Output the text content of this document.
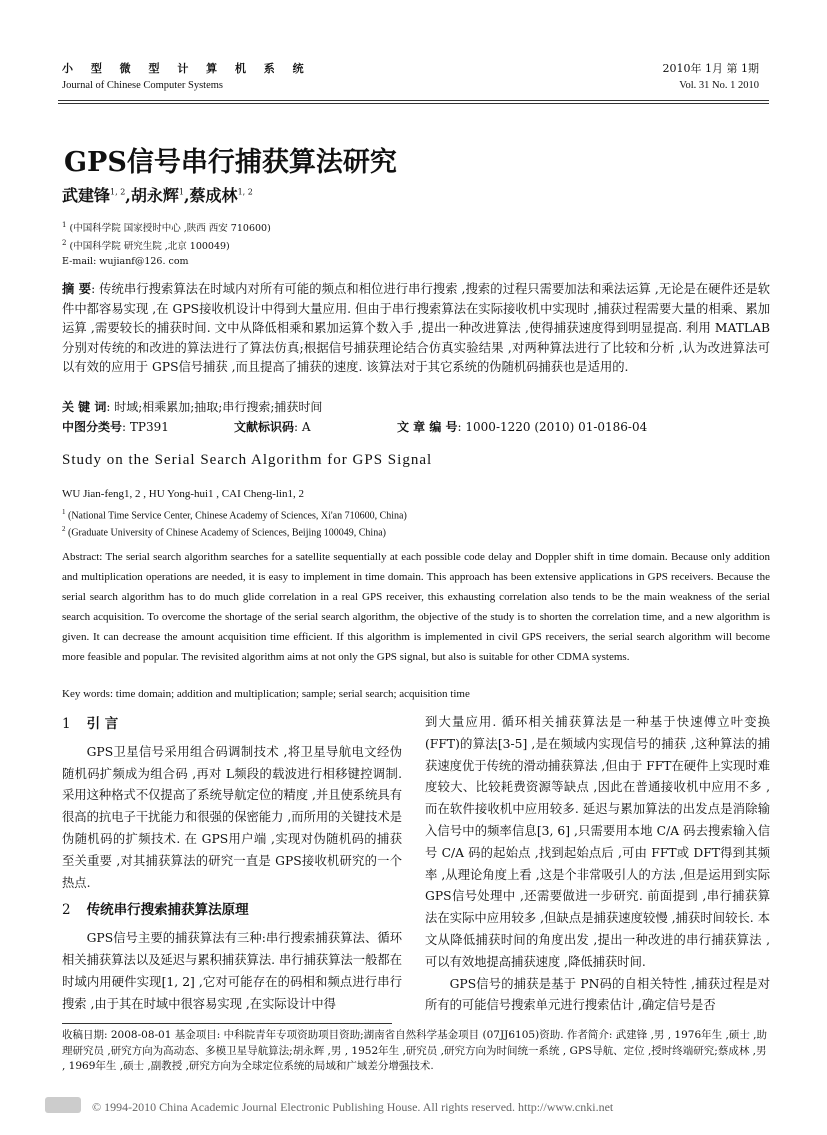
小 型 微 型 计 算 机 系 统
Journal of Chinese Computer Systems
2010年 1月 第 1期
Vol. 31 No. 1 2010
GPS信号串行捕获算法研究
武建锋$^{1, 2}$,胡永辉$^1$,蔡成林$^{1, 2}$
$^1$ (中国科学院 国家授时中心 ,陕西 西安 710600)
$^2$ (中国科学院 研究生院 ,北京 100049)
E-mail: wujianf@126. com
摘 要: 传统串行搜索算法在时域内对所有可能的频点和相位进行串行搜索 ,搜索的过程只需要加法和乘法运算 ,无论是在硬件还是软件中都容易实现 ,在 GPS接收机设计中得到大量应用. 但由于串行搜索算法在实际接收机中实现时 ,捕获过程需要大量的相乘、累加运算 ,需要较长的捕获时间. 文中从降低相乘和累加运算个数入手 ,提出一种改进算法 ,使得捕获速度得到明显提高. 利用 MATLAB分别对传统的和改进的算法进行了算法仿真;根据信号捕获理论结合仿真实验结果 ,对两种算法进行了比较和分析 ,认为改进算法可以有效的应用于 GPS信号捕获 ,而且提高了捕获的速度. 该算法对于其它系统的伪随机码捕获也是适用的.
关 键 词: 时域;相乘累加;抽取;串行搜索;捕获时间
中图分类号: TP391	文献标识码: A	文 章 编 号: 1000-1220 (2010) 01-0186-04
Study on the Serial Search Algorithm for GPS Signal
WU Jian-feng1, 2 , HU Yong-hui1 , CAI Cheng-lin1, 2
$^1$ (National Time Service Center, Chinese Academy of Sciences, Xi'an 710600, China)
$^2$ (Graduate University of Chinese Academy of Sciences, Beijing 100049, China)
Abstract: The serial search algorithm searches for a satellite sequentially at each possible code delay and Doppler shift in time domain. Because only addition and multiplication operations are needed, it is easy to implement in time domain. This approach has been extensive applications in GPS receivers. Because the serial search algorithm has to do much glide correlation in a real GPS receiver, this exhausting correlation also tends to be the main weakness of the serial search acquisition. To overcome the shortage of the serial search algorithm, the objective of the study is to shorten the correlation time, and a new algorithm is given. It can decrease the amount acquisition time efficient. If this algorithm is implemented in civil GPS receivers, the serial search algorithm will become more feasible and popular. The revisited algorithm aims at not only the GPS signal, but also is suitable for other CDMA systems.
Key words: time domain; addition and multiplication; sample; serial search; acquisition time
1 引 言
GPS卫星信号采用组合码调制技术 ,将卫星导航电文经伪随机码扩频成为组合码 ,再对 L频段的载波进行相移键控调制. 采用这种格式不仅提高了系统导航定位的精度 ,并且使系统具有很高的抗电子干扰能力和很强的保密能力 ,而所用的关键技术是伪随机码的扩频技术. 在 GPS用户端 ,实现对伪随机码的捕获至关重要 ,对其捕获算法的研究一直是 GPS接收机研究的一个热点.
2 传统串行搜索捕获算法原理
GPS信号主要的捕获算法有三种:串行搜索捕获算法、循环相关捕获算法以及延迟与累积捕获算法. 串行捕获算法一般都在时域内用硬件实现[1, 2] ,它对可能存在的码相和频点进行串行搜索 ,由于其在时域中很容易实现 ,在实际设计中得
到大量应用. 循环相关捕获算法是一种基于快速傅立叶变换(FFT)的算法[3-5] ,是在频域内实现信号的捕获 ,这种算法的捕获速度优于传统的滑动捕获算法 ,但由于 FFT在硬件上实现时难度较大、比较耗费资源等缺点 ,因此在普通接收机中应用不多 ,而在软件接收机中应用较多. 延迟与累加算法的出发点是消除输入信号中的频率信息[3, 6] ,只需要用本地 C/A 码去搜索输入信号 C/A 码的起始点 ,找到起始点后 ,可由 FFT或 DFT得到其频率 ,从理论角度上看 ,这是个非常吸引人的方法 ,但是运用到实际 GPS信号处理中 ,还需要做进一步研究. 前面提到 ,串行捕获算法在实际中应用较多 ,但缺点是捕获速度较慢 ,捕获时间较长. 本文从降低捕获时间的角度出发 ,提出一种改进的串行捕获算法 ,可以有效地提高捕获速度 ,降低捕获时间.
GPS信号的捕获是基于 PN码的自相关特性 ,捕获过程是对所有的可能信号搜索单元进行搜索估计 ,确定信号是否
收稿日期: 2008-08-01 基金项目: 中科院青年专项资助项目资助;湖南省自然科学基金项目 (07JJ6105)资助. 作者简介: 武建锋 ,男 , 1976年生 ,硕士 ,助理研究员 ,研究方向为高动态、多模卫星导航算法;胡永辉 ,男 , 1952年生 ,研究员 ,研究方向为时间统一系统 , GPS导航、定位 ,授时终端研究;蔡成林 ,男 , 1969年生 ,硕士 ,副教授 ,研究方向为全球定位系统的局域和广域差分增强技术.
© 1994-2010 China Academic Journal Electronic Publishing House. All rights reserved. http://www.cnki.net
